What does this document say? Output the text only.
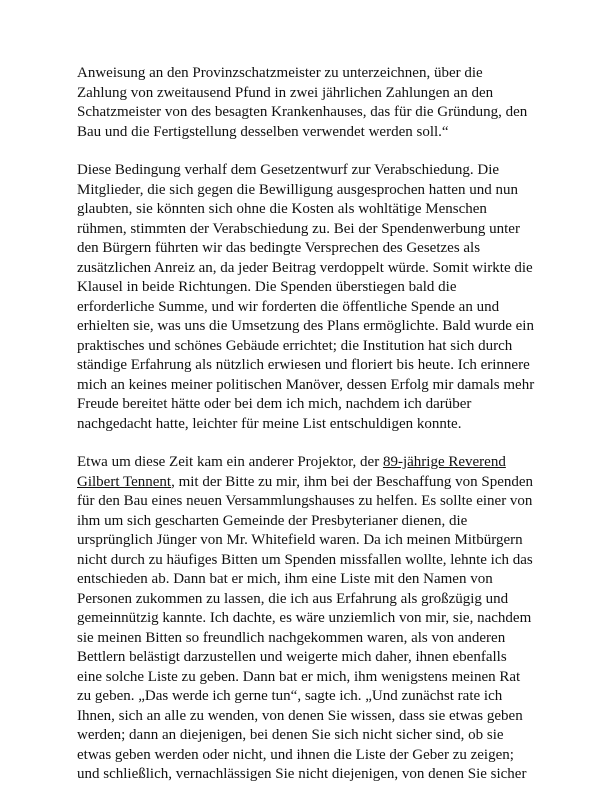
Anweisung an den Provinzschatzmeister zu unterzeichnen, über die
Zahlung von zweitausend Pfund in zwei jährlichen Zahlungen an den
Schatzmeister von des besagten Krankenhauses, das für die Gründung, den
Bau und die Fertigstellung desselben verwendet werden soll.“

Diese Bedingung verhalf dem Gesetzentwurf zur Verabschiedung. Die
Mitglieder, die sich gegen die Bewilligung ausgesprochen hatten und nun
glaubten, sie könnten sich ohne die Kosten als wohltätige Menschen
rühmen, stimmten der Verabschiedung zu. Bei der Spendenwerbung unter
den Bürgern führten wir das bedingte Versprechen des Gesetzes als
zusätzlichen Anreiz an, da jeder Beitrag verdoppelt würde. Somit wirkte die
Klausel in beide Richtungen. Die Spenden überstiegen bald die
erforderliche Summe, und wir forderten die öffentliche Spende an und
erhielten sie, was uns die Umsetzung des Plans ermöglichte. Bald wurde ein
praktisches und schönes Gebäude errichtet; die Institution hat sich durch
ständige Erfahrung als nützlich erwiesen und floriert bis heute. Ich erinnere
mich an keines meiner politischen Manöver, dessen Erfolg mir damals mehr
Freude bereitet hätte oder bei dem ich mich, nachdem ich darüber
nachgedacht hatte, leichter für meine List entschuldigen konnte.

Etwa um diese Zeit kam ein anderer Projektor, der 89-jährige Reverend
Gilbert Tennent, mit der Bitte zu mir, ihm bei der Beschaffung von Spenden
für den Bau eines neuen Versammlungshauses zu helfen. Es sollte einer von
ihm um sich gescharten Gemeinde der Presbyterianer dienen, die
ursprünglich Jünger von Mr. Whitefield waren. Da ich meinen Mitbürgern
nicht durch zu häufiges Bitten um Spenden missfallen wollte, lehnte ich das
entschieden ab. Dann bat er mich, ihm eine Liste mit den Namen von
Personen zukommen zu lassen, die ich aus Erfahrung als großzügig und
gemeinnützig kannte. Ich dachte, es wäre unziemlich von mir, sie, nachdem
sie meinen Bitten so freundlich nachgekommen waren, als von anderen
Bettlern belästigt darzustellen und weigerte mich daher, ihnen ebenfalls
eine solche Liste zu geben. Dann bat er mich, ihm wenigstens meinen Rat
zu geben. „Das werde ich gerne tun“, sagte ich. „Und zunächst rate ich
Ihnen, sich an alle zu wenden, von denen Sie wissen, dass sie etwas geben
werden; dann an diejenigen, bei denen Sie sich nicht sicher sind, ob sie
etwas geben werden oder nicht, und ihnen die Liste der Geber zu zeigen;
und schließlich, vernachlässigen Sie nicht diejenigen, von denen Sie sicher
